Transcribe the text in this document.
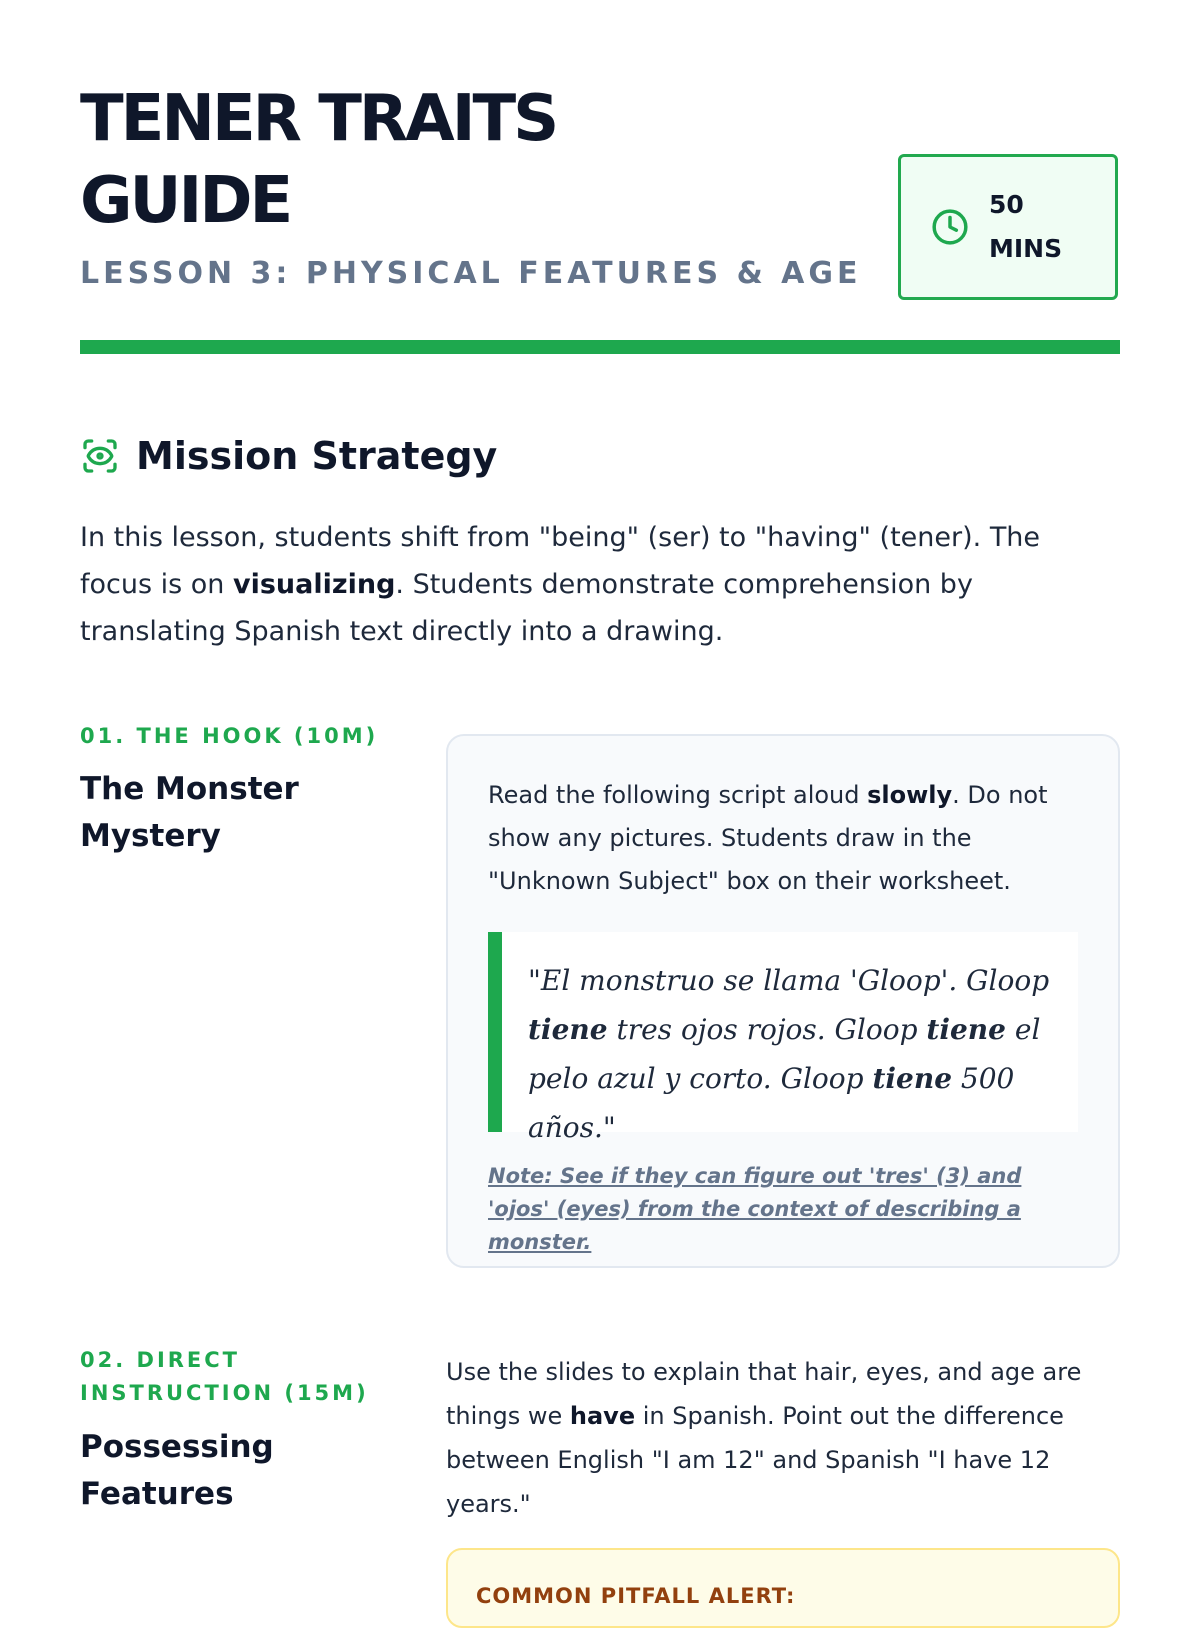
TENER TRAITS GUIDE
LESSON 3: PHYSICAL FEATURES & AGE
50 MINS
Mission Strategy

In this lesson, students shift from "being" (ser) to "having" (tener). The focus is on visualizing. Students demonstrate comprehension by translating Spanish text directly into a drawing.

01. THE HOOK (10M)
The Monster Mystery

Read the following script aloud slowly. Do not show any pictures. Students draw in the "Unknown Subject" box on their worksheet.

"El monstruo se llama 'Gloop'. Gloop tiene tres ojos rojos. Gloop tiene el pelo azul y corto. Gloop tiene 500 años."
Note: See if they can figure out 'tres' (3) and 'ojos' (eyes) from the context of describing a monster.
02. DIRECT INSTRUCTION (15M)
Possessing Features

Use the slides to explain that hair, eyes, and age are things we have in Spanish. Point out the difference between English "I am 12" and Spanish "I have 12 years."

COMMON PITFALL ALERT:
